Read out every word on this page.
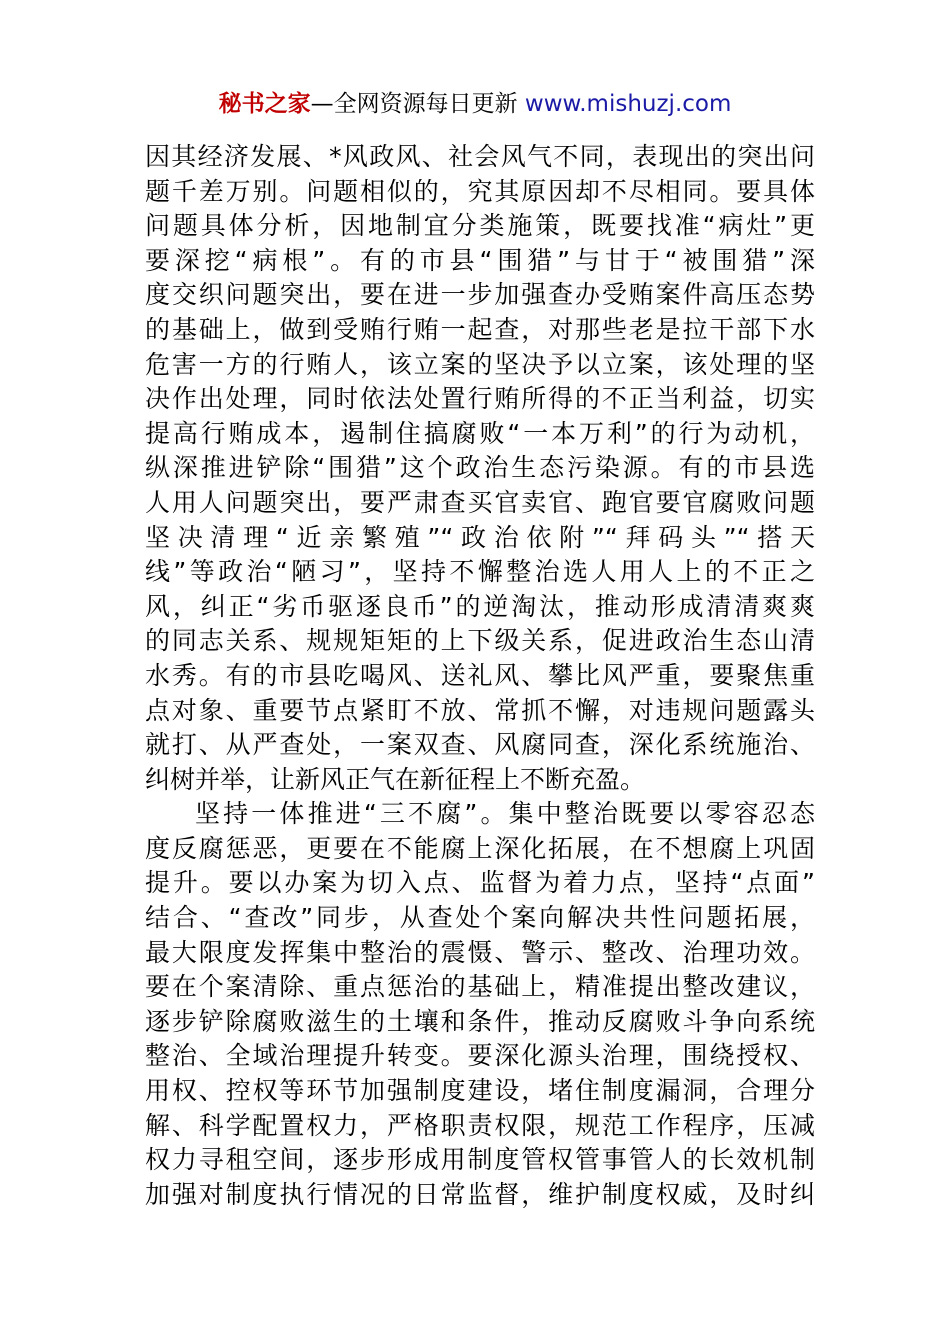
秘书之家—全网资源每日更新 www.mishuzj.com
因其经济发展、*风政风、社会风气不同，表现出的突出问
题千差万别。问题相似的，究其原因却不尽相同。要具体
问题具体分析，因地制宜分类施策，既要找准“病灶”更
要深挖“病根”。有的市县“围猎”与甘于“被围猎”深
度交织问题突出，要在进一步加强查办受贿案件高压态势
的基础上，做到受贿行贿一起查，对那些老是拉干部下水
危害一方的行贿人，该立案的坚决予以立案，该处理的坚
决作出处理，同时依法处置行贿所得的不正当利益，切实
提高行贿成本，遏制住搞腐败“一本万利”的行为动机，
纵深推进铲除“围猎”这个政治生态污染源。有的市县选
人用人问题突出，要严肃查买官卖官、跑官要官腐败问题
坚决清理“近亲繁殖”“政治依附”“拜码头”“搭天
线”等政治“陋习”，坚持不懈整治选人用人上的不正之
风，纠正“劣币驱逐良币”的逆淘汰，推动形成清清爽爽
的同志关系、规规矩矩的上下级关系，促进政治生态山清
水秀。有的市县吃喝风、送礼风、攀比风严重，要聚焦重
点对象、重要节点紧盯不放、常抓不懈，对违规问题露头
就打、从严查处，一案双查、风腐同查，深化系统施治、
纠树并举，让新风正气在新征程上不断充盈。
坚持一体推进“三不腐”。集中整治既要以零容忍态
度反腐惩恶，更要在不能腐上深化拓展，在不想腐上巩固
提升。要以办案为切入点、监督为着力点，坚持“点面”
结合、“查改”同步，从查处个案向解决共性问题拓展，
最大限度发挥集中整治的震慑、警示、整改、治理功效。
要在个案清除、重点惩治的基础上，精准提出整改建议，
逐步铲除腐败滋生的土壤和条件，推动反腐败斗争向系统
整治、全域治理提升转变。要深化源头治理，围绕授权、
用权、控权等环节加强制度建设，堵住制度漏洞，合理分
解、科学配置权力，严格职责权限，规范工作程序，压减
权力寻租空间，逐步形成用制度管权管事管人的长效机制
加强对制度执行情况的日常监督，维护制度权威，及时纠
